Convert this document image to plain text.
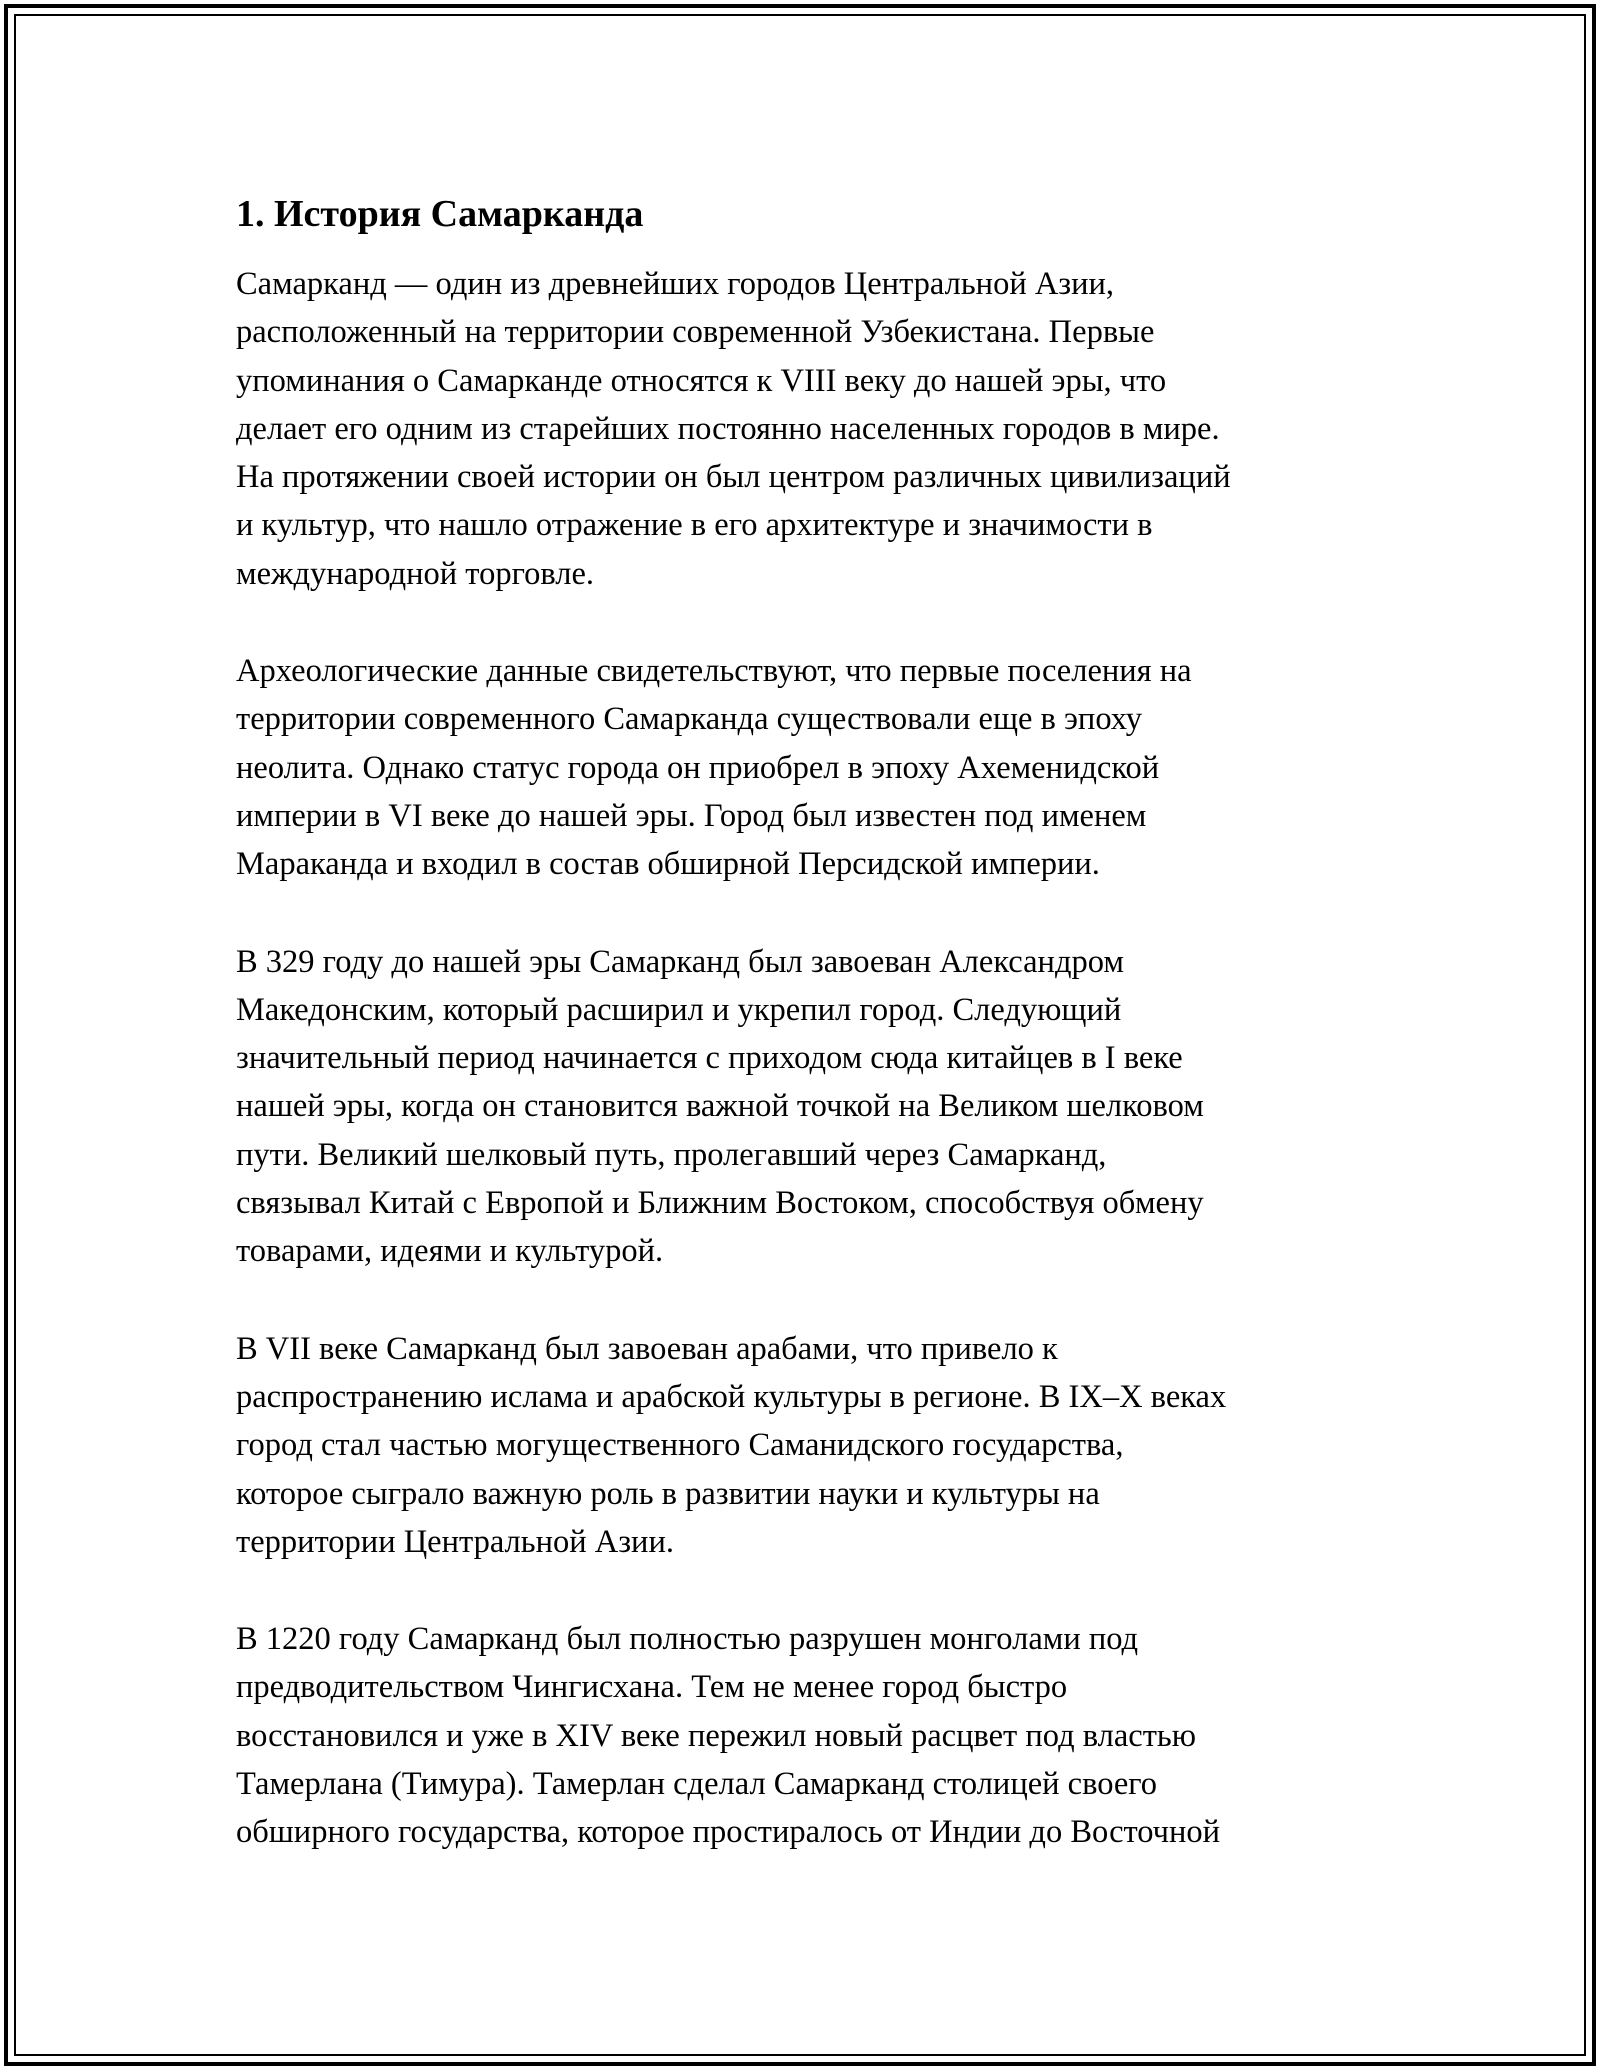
1. История Самарканда

Самарканд — один из древнейших городов Центральной Азии,
расположенный на территории современной Узбекистана. Первые
упоминания о Самарканде относятся к VIII веку до нашей эры, что
делает его одним из старейших постоянно населенных городов в мире.
На протяжении своей истории он был центром различных цивилизаций
и культур, что нашло отражение в его архитектуре и значимости в
международной торговле.

Археологические данные свидетельствуют, что первые поселения на
территории современного Самарканда существовали еще в эпоху
неолита. Однако статус города он приобрел в эпоху Ахеменидской
империи в VI веке до нашей эры. Город был известен под именем
Мараканда и входил в состав обширной Персидской империи.

В 329 году до нашей эры Самарканд был завоеван Александром
Македонским, который расширил и укрепил город. Следующий
значительный период начинается с приходом сюда китайцев в I веке
нашей эры, когда он становится важной точкой на Великом шелковом
пути. Великий шелковый путь, пролегавший через Самарканд,
связывал Китай с Европой и Ближним Востоком, способствуя обмену
товарами, идеями и культурой.

В VII веке Самарканд был завоеван арабами, что привело к
распространению ислама и арабской культуры в регионе. В IX–X веках
город стал частью могущественного Саманидского государства,
которое сыграло важную роль в развитии науки и культуры на
территории Центральной Азии.

В 1220 году Самарканд был полностью разрушен монголами под
предводительством Чингисхана. Тем не менее город быстро
восстановился и уже в XIV веке пережил новый расцвет под властью
Тамерлана (Тимура). Тамерлан сделал Самарканд столицей своего
обширного государства, которое простиралось от Индии до Восточной
